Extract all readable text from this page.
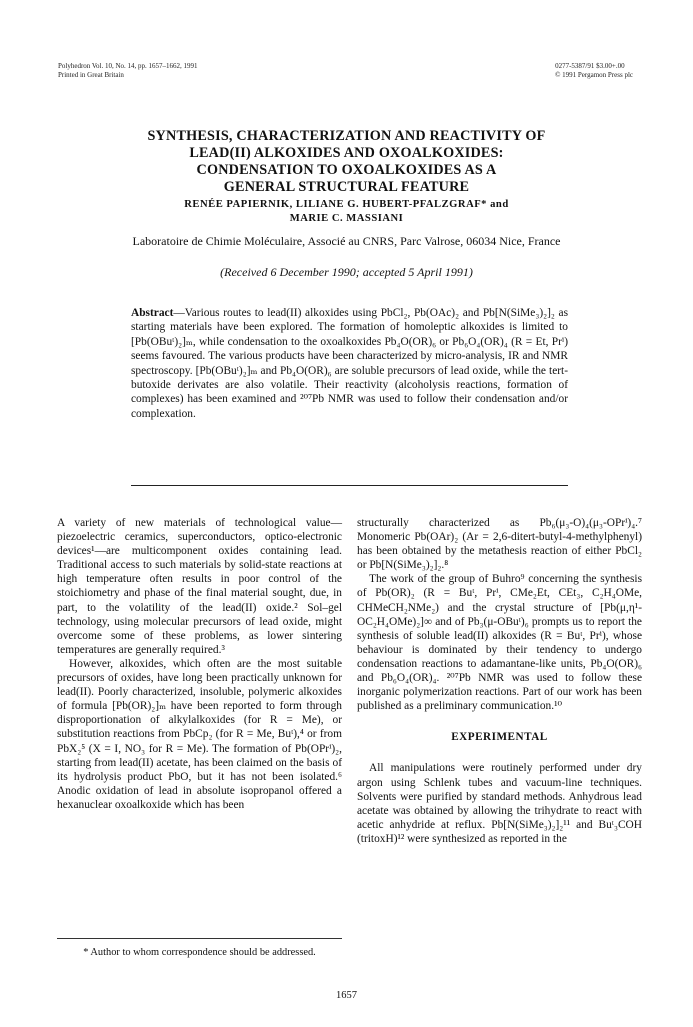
Polyhedron Vol. 10, No. 14, pp. 1657–1662, 1991
Printed in Great Britain
0277-5387/91 $3.00+.00
© 1991 Pergamon Press plc
SYNTHESIS, CHARACTERIZATION AND REACTIVITY OF
LEAD(II) ALKOXIDES AND OXOALKOXIDES:
CONDENSATION TO OXOALKOXIDES AS A
GENERAL STRUCTURAL FEATURE
RENÉE PAPIERNIK, LILIANE G. HUBERT-PFALZGRAF* and
MARIE C. MASSIANI
Laboratoire de Chimie Moléculaire, Associé au CNRS, Parc Valrose, 06034 Nice, France
(Received 6 December 1990; accepted 5 April 1991)
Abstract—Various routes to lead(II) alkoxides using PbCl₂, Pb(OAc)₂ and Pb[N(SiMe₃)₂]₂ as starting materials have been explored. The formation of homoleptic alkoxides is limited to [Pb(OBuᵗ)₂]ₘ, while condensation to the oxoalkoxides Pb₄O(OR)₆ or Pb₆O₄(OR)₄ (R = Et, Prⁱ) seems favoured. The various products have been characterized by micro-analysis, IR and NMR spectroscopy. [Pb(OBuᵗ)₂]ₘ and Pb₄O(OR)₆ are soluble precursors of lead oxide, while the tert-butoxide derivates are also volatile. Their reactivity (alcoholysis reactions, formation of complexes) has been examined and ²⁰⁷Pb NMR was used to follow their condensation and/or complexation.

A variety of new materials of technological value—piezoelectric ceramics, superconductors, optico-electronic devices¹—are multicomponent oxides containing lead. Traditional access to such materials by solid-state reactions at high temperature often results in poor control of the stoichiometry and phase of the final material sought, due, in part, to the volatility of the lead(II) oxide.² Sol–gel technology, using molecular precursors of lead oxide, might overcome some of these problems, as lower sintering temperatures are generally required.³

However, alkoxides, which often are the most suitable precursors of oxides, have long been practically unknown for lead(II). Poorly characterized, insoluble, polymeric alkoxides of formula [Pb(OR)₂]ₘ have been reported to form through disproportionation of alkylalkoxides (for R = Me), or substitution reactions from PbCp₂ (for R = Me, Buᵗ),⁴ or from PbX₂⁵ (X = I, NO₃ for R = Me). The formation of Pb(OPrⁱ)₂, starting from lead(II) acetate, has been claimed on the basis of its hydrolysis product PbO, but it has not been isolated.⁶ Anodic oxidation of lead in absolute isopropanol offered a hexanuclear oxoalkoxide which has been

structurally characterized as Pb₆(μ₃-O)₄(μ₃-OPrⁱ)₄.⁷ Monomeric Pb(OAr)₂ (Ar = 2,6-ditert-butyl-4-methylphenyl) has been obtained by the metathesis reaction of either PbCl₂ or Pb[N(SiMe₃)₂]₂.⁸

The work of the group of Buhro⁹ concerning the synthesis of Pb(OR)₂ (R = Buᵗ, Prⁱ, CMe₂Et, CEt₃, C₂H₄OMe, CHMeCH₂NMe₂) and the crystal structure of [Pb(μ,η¹-OC₂H₄OMe)₂]∞ and of Pb₃(μ-OBuᵗ)₆ prompts us to report the synthesis of soluble lead(II) alkoxides (R = Buᵗ, Prⁱ), whose behaviour is dominated by their tendency to undergo condensation reactions to adamantane-like units, Pb₄O(OR)₆ and Pb₆O₄(OR)₄. ²⁰⁷Pb NMR was used to follow these inorganic polymerization reactions. Part of our work has been published as a preliminary communication.¹⁰

EXPERIMENTAL

All manipulations were routinely performed under dry argon using Schlenk tubes and vacuum-line techniques. Solvents were purified by standard methods. Anhydrous lead acetate was obtained by allowing the trihydrate to react with acetic anhydride at reflux. Pb[N(SiMe₃)₂]₂¹¹ and Buᵗ₃COH (tritoxH)¹² were synthesized as reported in the

* Author to whom correspondence should be addressed.
1657
